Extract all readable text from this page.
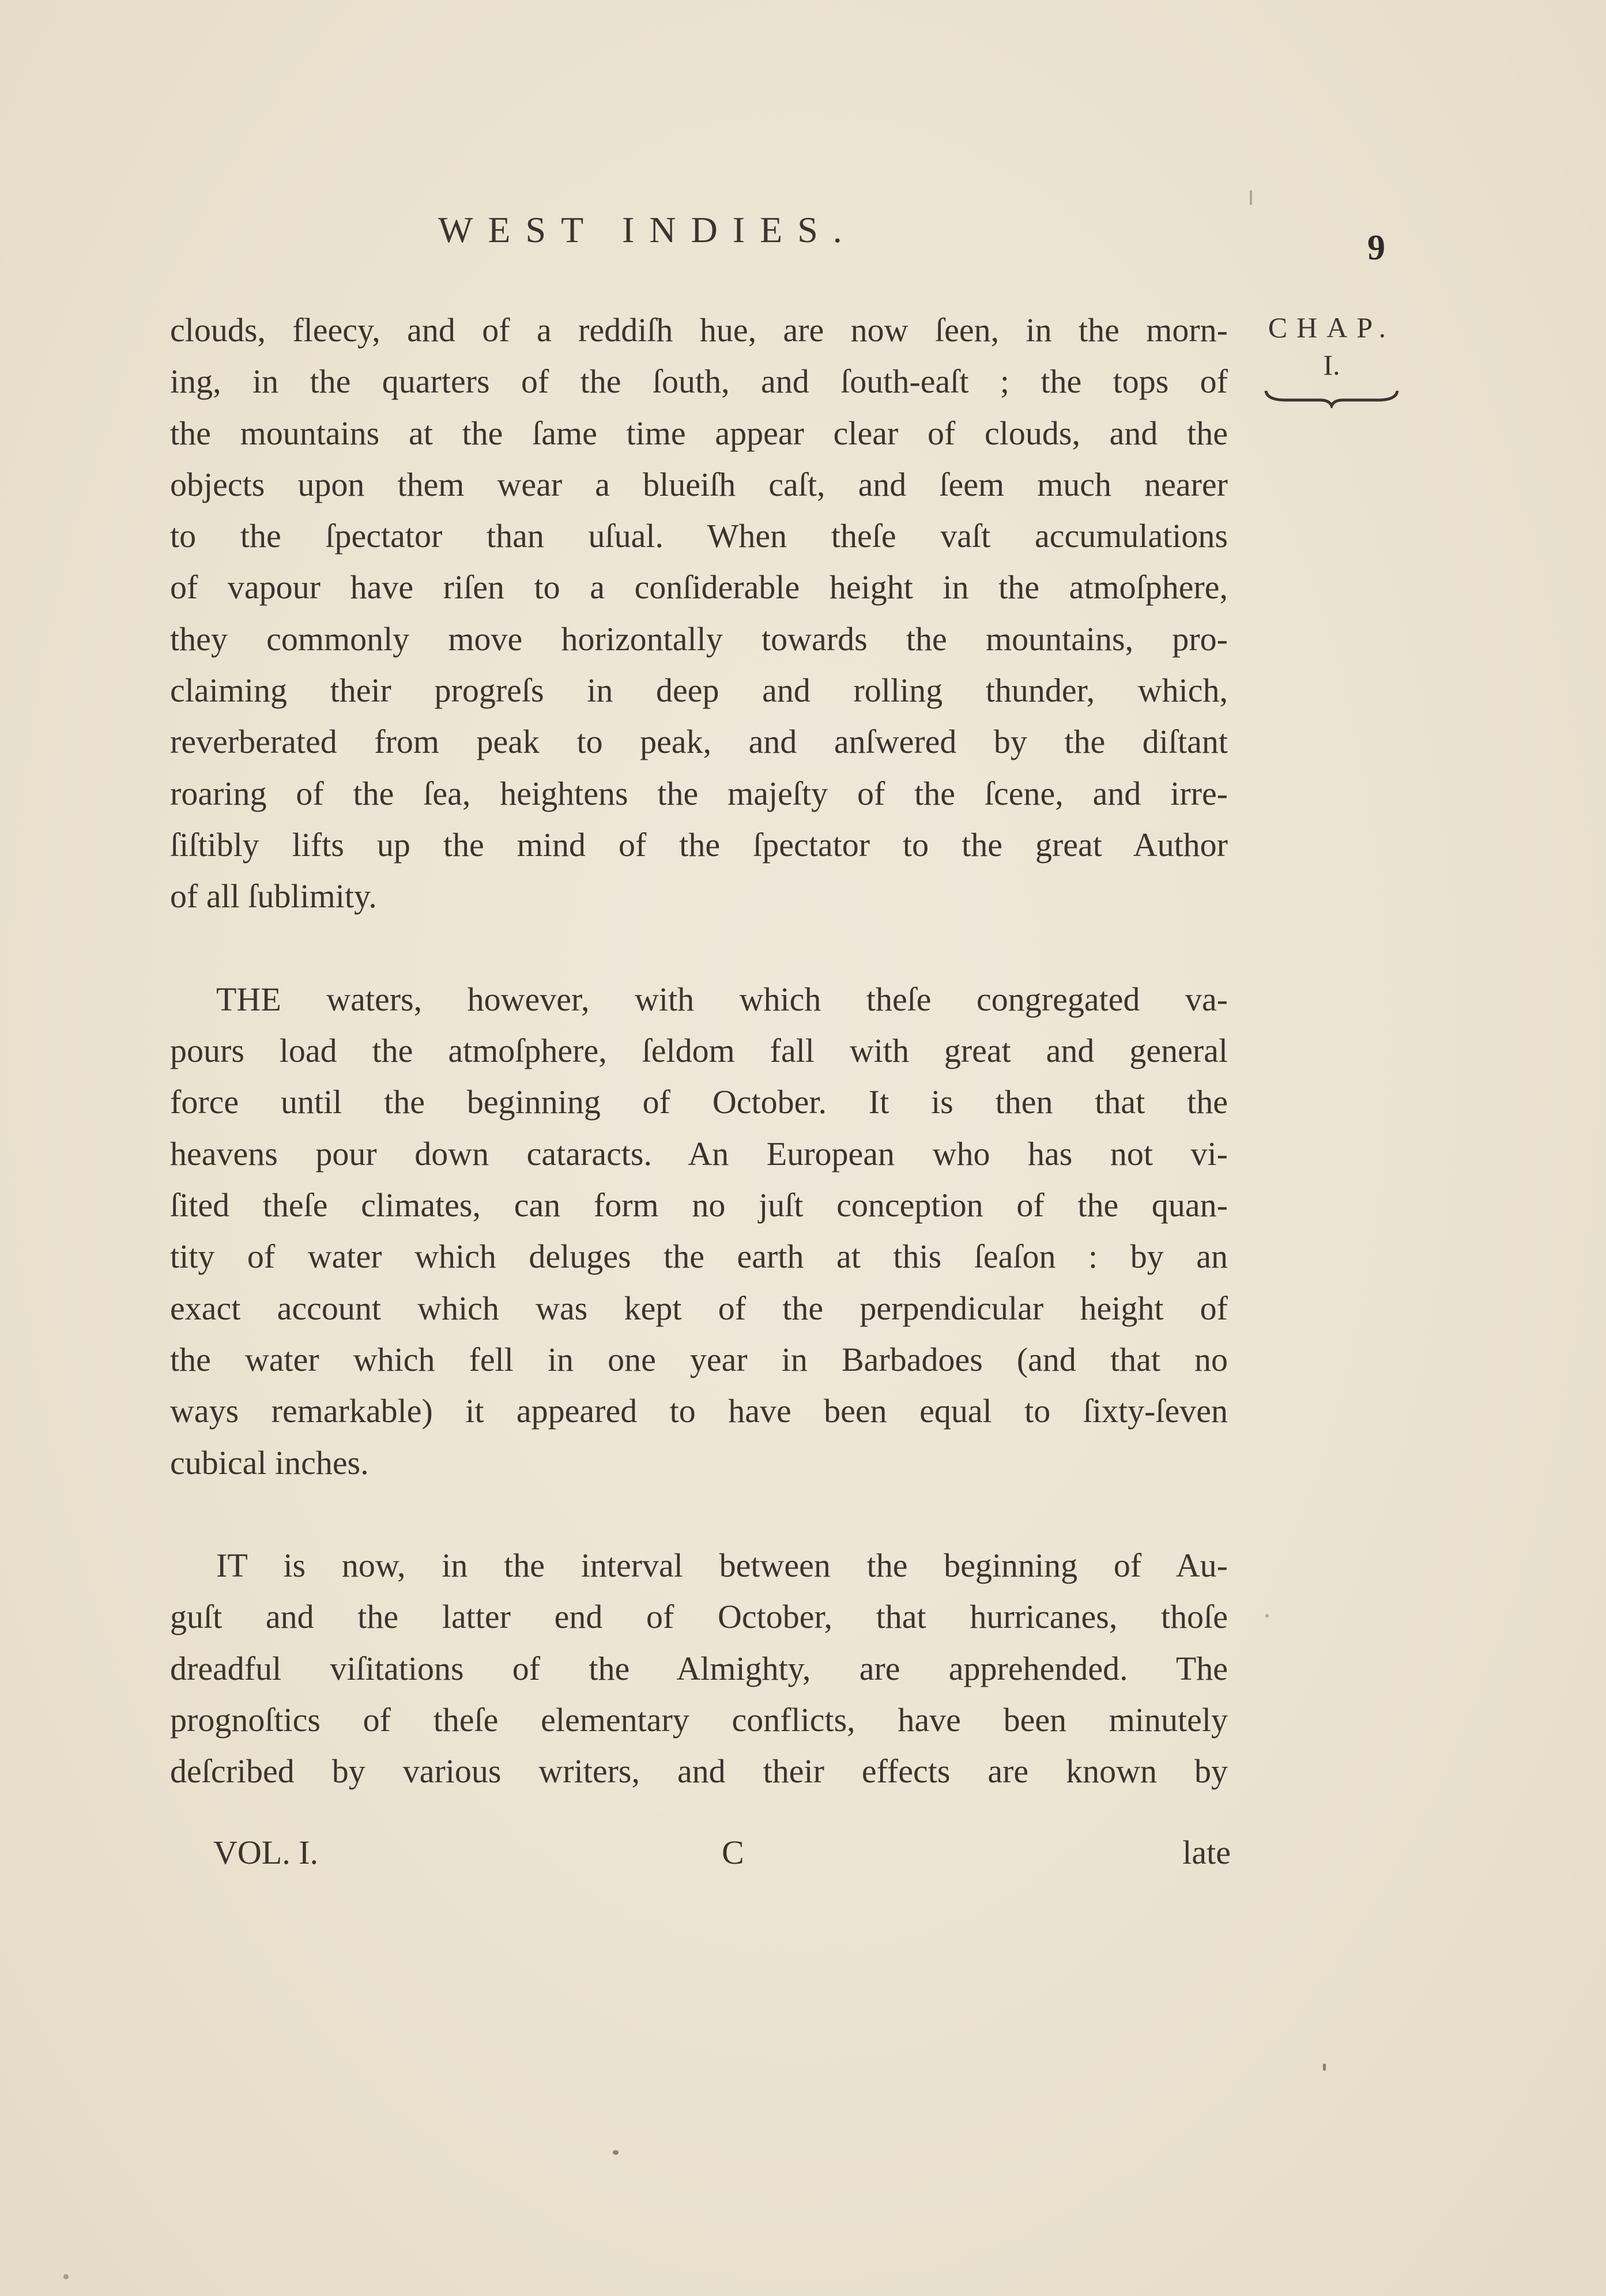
WEST INDIES.	9
CHAP.
I.
clouds, fleecy, and of a reddiſh hue, are now ſeen, in the morn-
ing, in the quarters of the ſouth, and ſouth-eaſt ; the tops of
the mountains at the ſame time appear clear of clouds, and the
objects upon them wear a blueiſh caſt, and ſeem much nearer
to the ſpectator than uſual. When theſe vaſt accumulations
of vapour have riſen to a conſiderable height in the atmoſphere,
they commonly move horizontally towards the mountains, pro-
claiming their progreſs in deep and rolling thunder, which,
reverberated from peak to peak, and anſwered by the diſtant
roaring of the ſea, heightens the majeſty of the ſcene, and irre-
ſiſtibly lifts up the mind of the ſpectator to the great Author
of all ſublimity.
THE waters, however, with which theſe congregated va-
pours load the atmoſphere, ſeldom fall with great and general
force until the beginning of October. It is then that the
heavens pour down cataracts. An European who has not vi-
ſited theſe climates, can form no juſt conception of the quan-
tity of water which deluges the earth at this ſeaſon : by an
exact account which was kept of the perpendicular height of
the water which fell in one year in Barbadoes (and that no
ways remarkable) it appeared to have been equal to ſixty-ſeven
cubical inches.
IT is now, in the interval between the beginning of Au-
guſt and the latter end of October, that hurricanes, thoſe
dreadful viſitations of the Almighty, are apprehended. The
prognoſtics of theſe elementary conflicts, have been minutely
deſcribed by various writers, and their effects are known by
VOL. I.	C	late
